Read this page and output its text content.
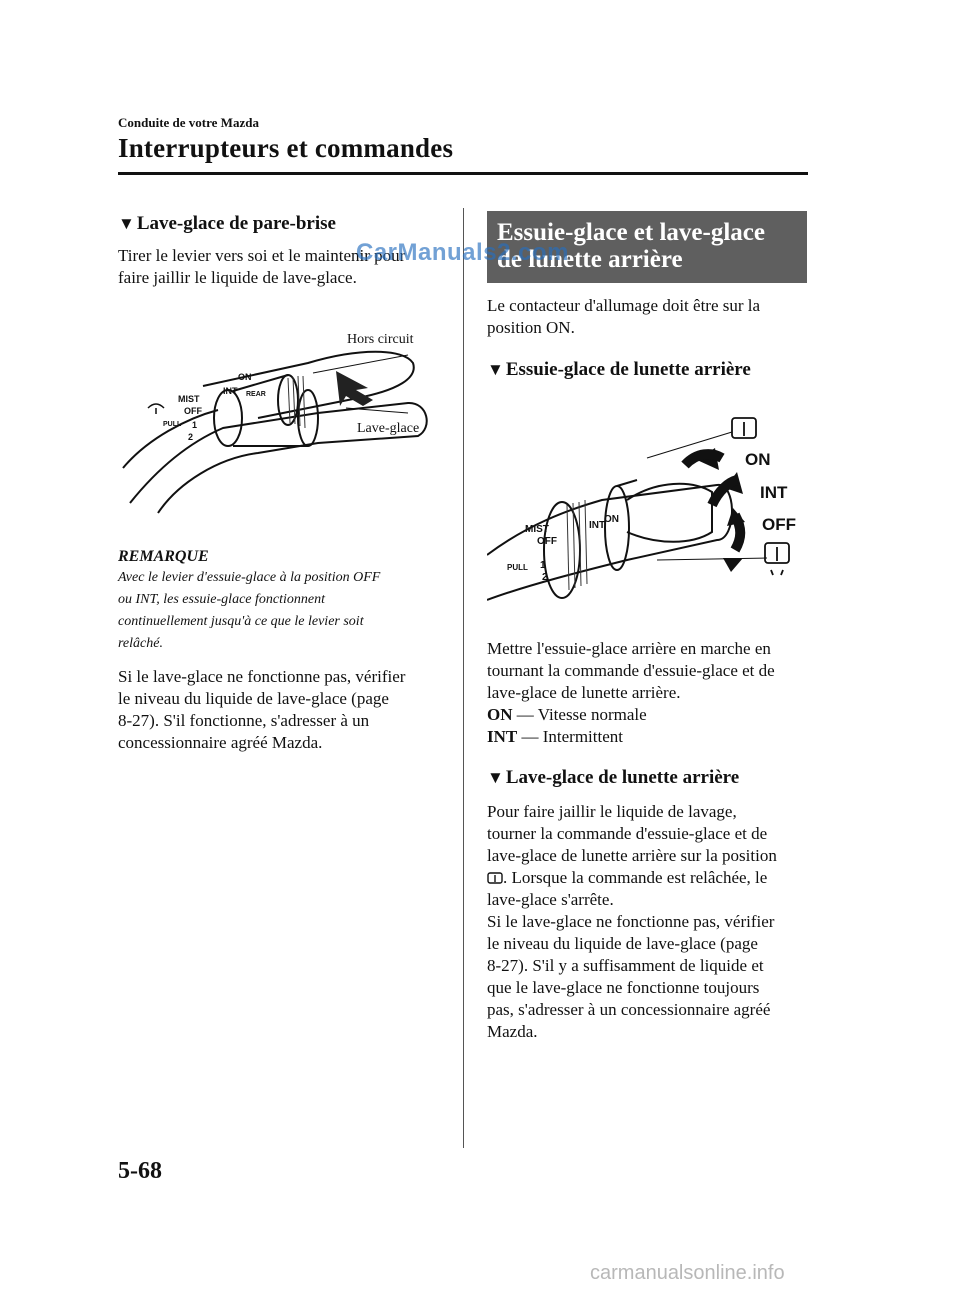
Conduite de votre Mazda
Interrupteurs et commandes
▼ Lave-glace de pare-brise

Tirer le levier vers soi et le maintenir pour

faire jaillir le liquide de lave-glace.

MIST
OFF
1
2
PULL
ON
INT REAR
Hors circuit
Lave-glace
REMARQUE

Avec le levier d'essuie-glace à la position OFF

ou INT, les essuie-glace fonctionnent

continuellement jusqu'à ce que le levier soit

relâché.

Si le lave-glace ne fonctionne pas, vérifier

le niveau du liquide de lave-glace (page

8-27). S'il fonctionne, s'adresser à un

concessionnaire agréé Mazda.

Essuie-glace et lave-glace
de lunette arrière
CarManuals2.com

Le contacteur d'allumage doit être sur la

position ON.

▼ Essuie-glace de lunette arrière
MIST
OFF
1
2
PULL
INT
ON
ON
INT
OFF

Mettre l'essuie-glace arrière en marche en

tournant la commande d'essuie-glace et de

lave-glace de lunette arrière.

ON — Vitesse normale

INT — Intermittent

▼ Lave-glace de lunette arrière

Pour faire jaillir le liquide de lavage,

tourner la commande d'essuie-glace et de

lave-glace de lunette arrière sur la position

. Lorsque la commande est relâchée, le

lave-glace s'arrête.

Si le lave-glace ne fonctionne pas, vérifier

le niveau du liquide de lave-glace (page

8-27). S'il y a suffisamment de liquide et

que le lave-glace ne fonctionne toujours

pas, s'adresser à un concessionnaire agréé

Mazda.

5-68
carmanualsonline.info
